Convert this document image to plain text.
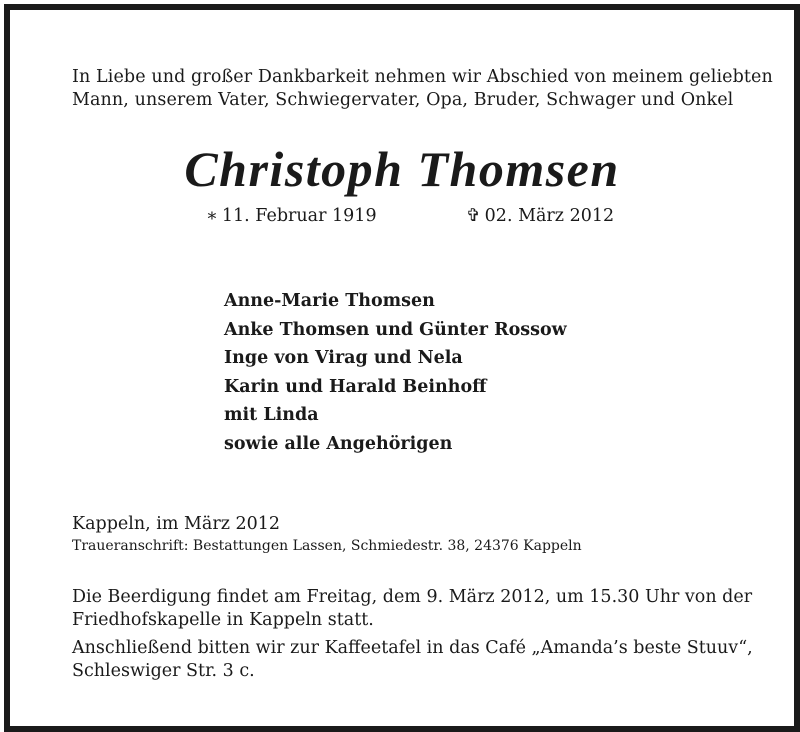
In Liebe und großer Dankbarkeit nehmen wir Abschied von meinem geliebten
Mann, unserem Vater, Schwiegervater, Opa, Bruder, Schwager und Onkel
Christoph Thomsen
∗ 11. Februar 1919	✞ 02. März 2012
Anne-Marie Thomsen
Anke Thomsen und Günter Rossow
Inge von Virag und Nela
Karin und Harald Beinhoff
mit Linda
sowie alle Angehörigen
Kappeln, im März 2012
Traueranschrift: Bestattungen Lassen, Schmiedestr. 38, 24376 Kappeln
Die Beerdigung findet am Freitag, dem 9. März 2012, um 15.30 Uhr von der
Friedhofskapelle in Kappeln statt.
Anschließend bitten wir zur Kaffeetafel in das Café „Amanda’s beste Stuuv“,
Schleswiger Str. 3 c.
